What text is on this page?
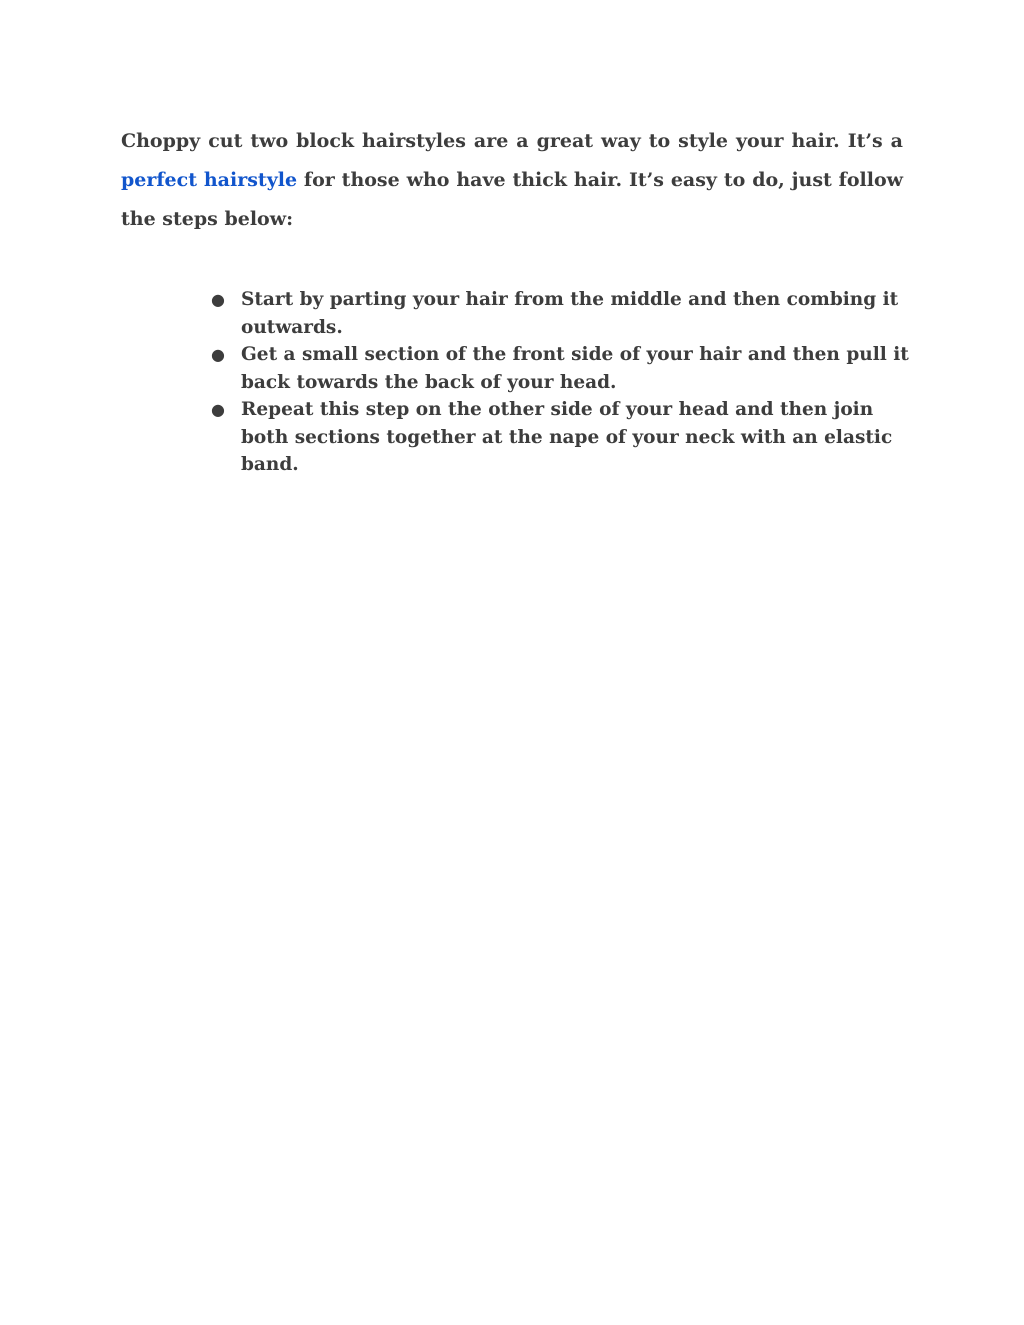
Choppy cut two block hairstyles are a great way to style your hair. It’s a perfect hairstyle for those who have thick hair. It’s easy to do, just follow the steps below:

● Start by parting your hair from the middle and then combing it outwards.
● Get a small section of the front side of your hair and then pull it back towards the back of your head.
● Repeat this step on the other side of your head and then join both sections together at the nape of your neck with an elastic band.
